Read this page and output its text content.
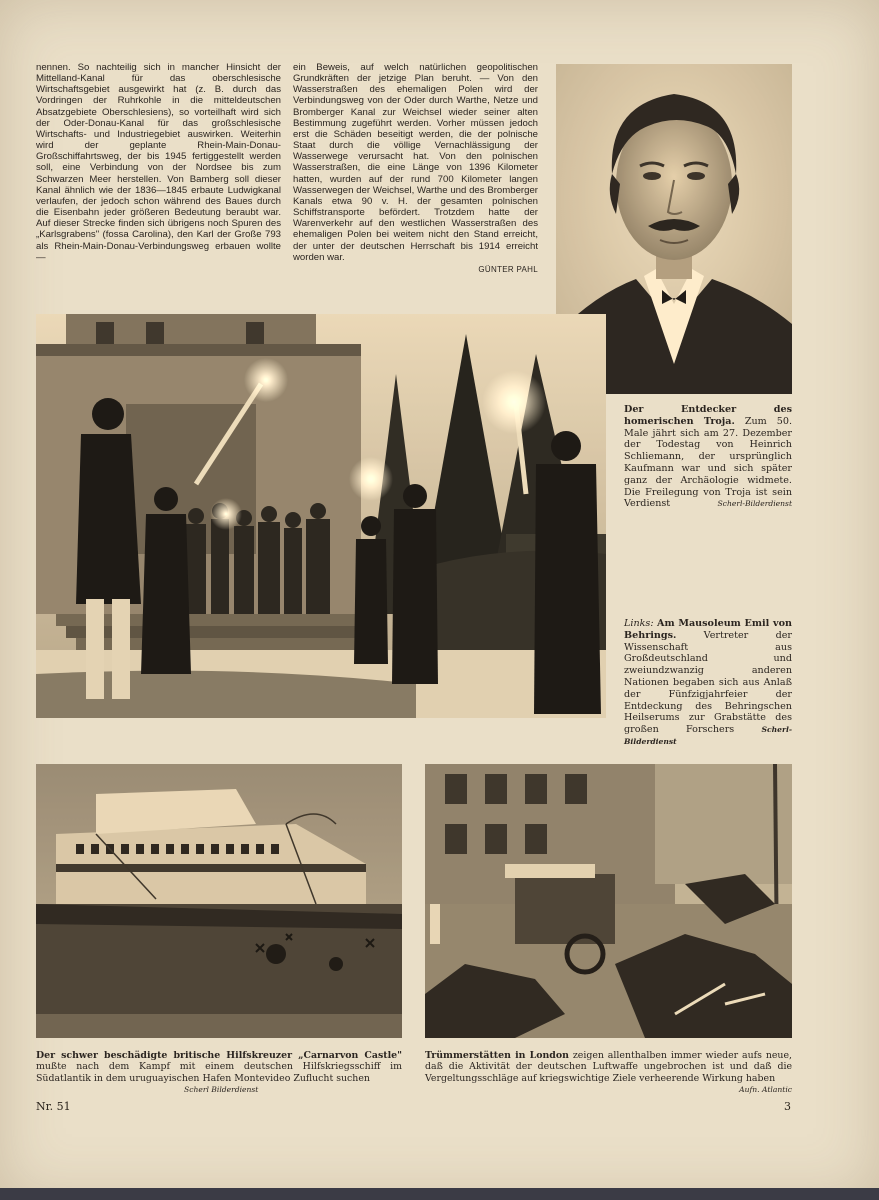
nennen. So nachteilig sich in mancher Hinsicht der Mittelland-Kanal für das oberschlesische Wirtschaftsgebiet ausgewirkt hat (z. B. durch das Vordringen der Ruhrkohle in die mitteldeutschen Absatzgebiete Oberschlesiens), so vorteilhaft wird sich der Oder-Donau-Kanal für das großschlesische Wirtschafts- und Industriegebiet auswirken. Weiterhin wird der geplante Rhein-Main-Donau-Großschiffahrtsweg, der bis 1945 fertiggestellt werden soll, eine Verbindung von der Nordsee bis zum Schwarzen Meer herstellen. Von Bamberg soll dieser Kanal ähnlich wie der 1836—1845 erbaute Ludwigkanal verlaufen, der jedoch schon während des Baues durch die Eisenbahn jeder größeren Bedeutung beraubt war. Auf dieser Strecke finden sich übrigens noch Spuren des „Karlsgrabens" (fossa Carolina), den Karl der Große 793 als Rhein-Main-Donau-Verbindungsweg erbauen wollte —
ein Beweis, auf welch natürlichen geopolitischen Grundkräften der jetzige Plan beruht. — Von den Wasserstraßen des ehemaligen Polen wird der Verbindungsweg von der Oder durch Warthe, Netze und Bromberger Kanal zur Weichsel wieder seiner alten Bestimmung zugeführt werden. Vorher müssen jedoch erst die Schäden beseitigt werden, die der polnische Staat durch die völlige Vernachlässigung der Wasserwege verursacht hat. Von den polnischen Wasserstraßen, die eine Länge von 1396 Kilometer hatten, wurden auf der rund 700 Kilometer langen Wasserwegen der Weichsel, Warthe und des Bromberger Kanals etwa 90 v. H. der gesamten polnischen Schiffstransporte befördert. Trotzdem hatte der Warenverkehr auf den westlichen Wasserstraßen des ehemaligen Polen bei weitem nicht den Stand erreicht, der unter der deutschen Herrschaft bis 1914 erreicht worden war.
GÜNTER PAHL
Der Entdecker des homerischen Troja. Zum 50. Male jährt sich am 27. Dezember der Todestag von Heinrich Schliemann, der ursprünglich Kaufmann war und sich später ganz der Archäologie widmete. Die Freilegung von Troja ist sein Verdienst	Scherl-Bilderdienst
Links: Am Mausoleum Emil von Behrings.	Vertreter der Wissenschaft aus Großdeutschland und zweiundzwanzig anderen Nationen begaben sich aus Anlaß der Fünfzigjahrfeier der Entdeckung des Behringschen Heilserums zur Grabstätte des großen Forschers	Scherl-Bilderdienst
Der schwer beschädigte britische Hilfskreuzer „Carnarvon Castle" mußte nach dem Kampf mit einem deutschen Hilfskriegsschiff im Südatlantik in dem uruguayischen Hafen Montevideo Zuflucht suchen
Scherl Bilderdienst
Trümmerstätten in London zeigen allenthalben immer wieder aufs neue, daß die Aktivität der deutschen Luftwaffe ungebrochen ist und daß die Vergeltungsschläge auf kriegswichtige Ziele verheerende Wirkung haben
Aufn. Atlantic
Nr. 51	3
